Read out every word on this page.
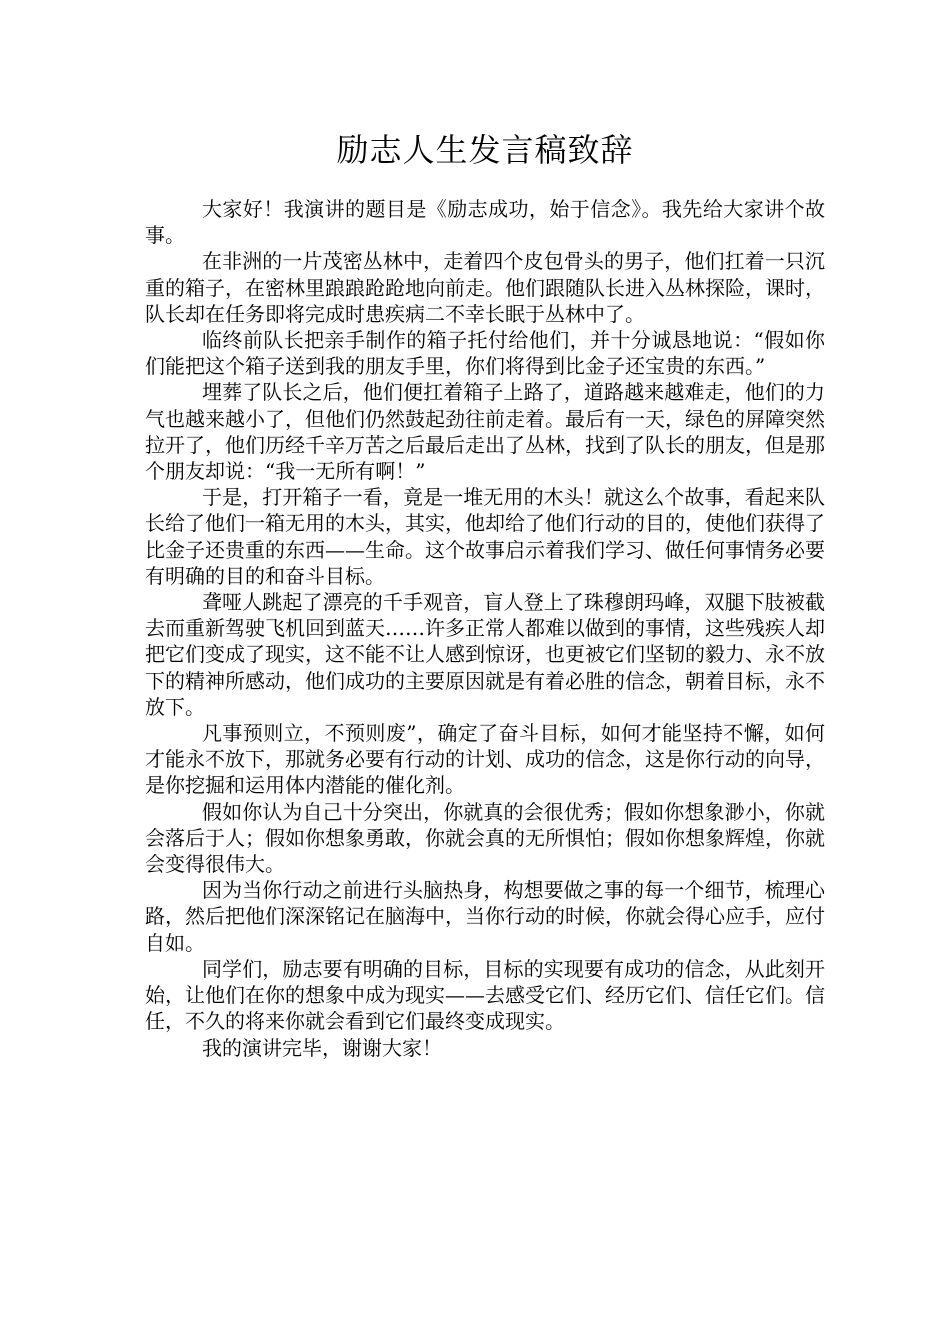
励志人生发言稿致辞

大家好！我演讲的题目是《励志成功，始于信念》。我先给大家讲个故事。

在非洲的一片茂密丛林中，走着四个皮包骨头的男子，他们扛着一只沉重的箱子，在密林里踉踉跄跄地向前走。他们跟随队长进入丛林探险，课时，队长却在任务即将完成时患疾病二不幸长眠于丛林中了。

临终前队长把亲手制作的箱子托付给他们，并十分诚恳地说：“假如你们能把这个箱子送到我的朋友手里，你们将得到比金子还宝贵的东西。”

埋葬了队长之后，他们便扛着箱子上路了，道路越来越难走，他们的力气也越来越小了，但他们仍然鼓起劲往前走着。最后有一天，绿色的屏障突然拉开了，他们历经千辛万苦之后最后走出了丛林，找到了队长的朋友，但是那个朋友却说：“我一无所有啊！”

于是，打开箱子一看，竟是一堆无用的木头！就这么个故事，看起来队长给了他们一箱无用的木头，其实，他却给了他们行动的目的，使他们获得了比金子还贵重的东西——生命。这个故事启示着我们学习、做任何事情务必要有明确的目的和奋斗目标。

聋哑人跳起了漂亮的千手观音，盲人登上了珠穆朗玛峰，双腿下肢被截去而重新驾驶飞机回到蓝天……许多正常人都难以做到的事情，这些残疾人却把它们变成了现实，这不能不让人感到惊讶，也更被它们坚韧的毅力、永不放下的精神所感动，他们成功的主要原因就是有着必胜的信念，朝着目标，永不放下。

凡事预则立，不预则废”，确定了奋斗目标，如何才能坚持不懈，如何才能永不放下，那就务必要有行动的计划、成功的信念，这是你行动的向导，是你挖掘和运用体内潜能的催化剂。

假如你认为自己十分突出，你就真的会很优秀；假如你想象渺小，你就会落后于人；假如你想象勇敢，你就会真的无所惧怕；假如你想象辉煌，你就会变得很伟大。

因为当你行动之前进行头脑热身，构想要做之事的每一个细节，梳理心路，然后把他们深深铭记在脑海中，当你行动的时候，你就会得心应手，应付自如。

同学们，励志要有明确的目标，目标的实现要有成功的信念，从此刻开始，让他们在你的想象中成为现实——去感受它们、经历它们、信任它们。信任，不久的将来你就会看到它们最终变成现实。

我的演讲完毕，谢谢大家！
